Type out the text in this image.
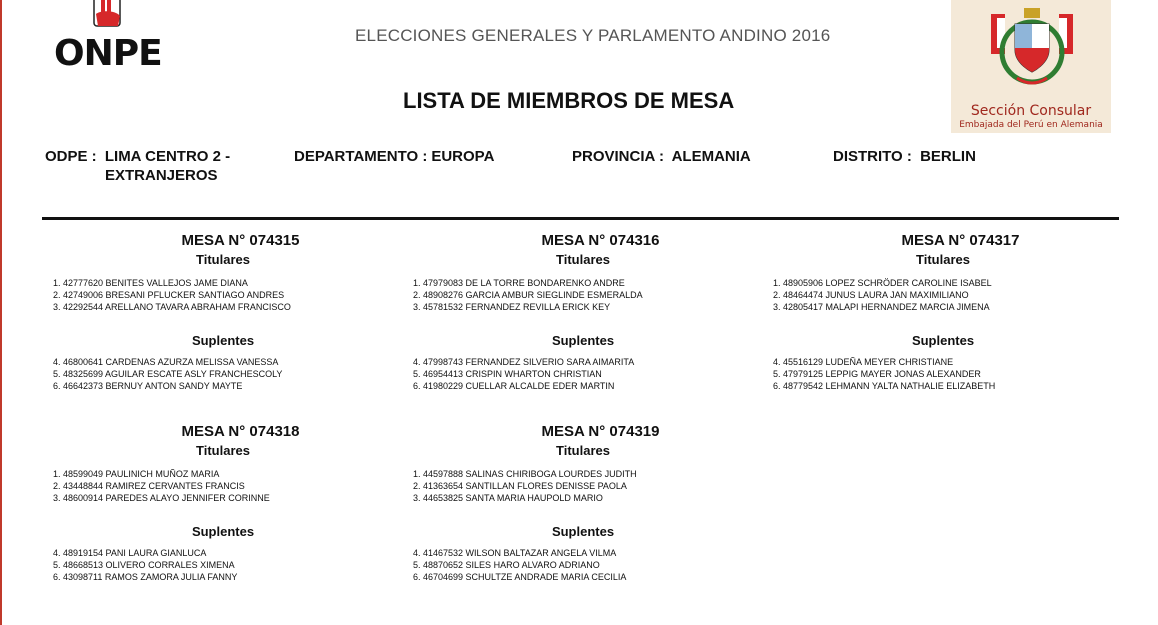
ONPE	ELECCIONES GENERALES Y PARLAMENTO ANDINO 2016
LISTA DE MIEMBROS DE MESA	Sección Consular
Embajada del Perú en Alemania
ODPE : LIMA CENTRO 2 -
EXTRANJEROS
DEPARTAMENTO : EUROPA	PROVINCIA : ALEMANIA	DISTRITO : BERLIN
MESA N° 074315
Titulares
1. 42777620 BENITES VALLEJOS JAME DIANA
2. 42749006 BRESANI PFLUCKER SANTIAGO ANDRES
3. 42292544 ARELLANO TAVARA ABRAHAM FRANCISCO
Suplentes
4. 46800641 CARDENAS AZURZA MELISSA VANESSA
5. 48325699 AGUILAR ESCATE ASLY FRANCHESCOLY
6. 46642373 BERNUY ANTON SANDY MAYTE
MESA N° 074316
Titulares
1. 47979083 DE LA TORRE BONDARENKO ANDRE
2. 48908276 GARCIA AMBUR SIEGLINDE ESMERALDA
3. 45781532 FERNANDEZ REVILLA ERICK KEY
Suplentes
4. 47998743 FERNANDEZ SILVERIO SARA AIMARITA
5. 46954413 CRISPIN WHARTON CHRISTIAN
6. 41980229 CUELLAR ALCALDE EDER MARTIN
MESA N° 074317
Titulares
1. 48905906 LOPEZ SCHRÖDER CAROLINE ISABEL
2. 48464474 JUNUS LAURA JAN MAXIMILIANO
3. 42805417 MALAPI HERNANDEZ MARCIA JIMENA
Suplentes
4. 45516129 LUDEÑA MEYER CHRISTIANE
5. 47979125 LEPPIG MAYER JONAS ALEXANDER
6. 48779542 LEHMANN YALTA NATHALIE ELIZABETH
MESA N° 074318
Titulares
1. 48599049 PAULINICH MUÑOZ MARIA
2. 43448844 RAMIREZ CERVANTES FRANCIS
3. 48600914 PAREDES ALAYO JENNIFER CORINNE
Suplentes
4. 48919154 PANI LAURA GIANLUCA
5. 48668513 OLIVERO CORRALES XIMENA
6. 43098711 RAMOS ZAMORA JULIA FANNY
MESA N° 074319
Titulares
1. 44597888 SALINAS CHIRIBOGA LOURDES JUDITH
2. 41363654 SANTILLAN FLORES DENISSE PAOLA
3. 44653825 SANTA MARIA HAUPOLD MARIO
Suplentes
4. 41467532 WILSON BALTAZAR ANGELA VILMA
5. 48870652 SILES HARO ALVARO ADRIANO
6. 46704699 SCHULTZE ANDRADE MARIA CECILIA
